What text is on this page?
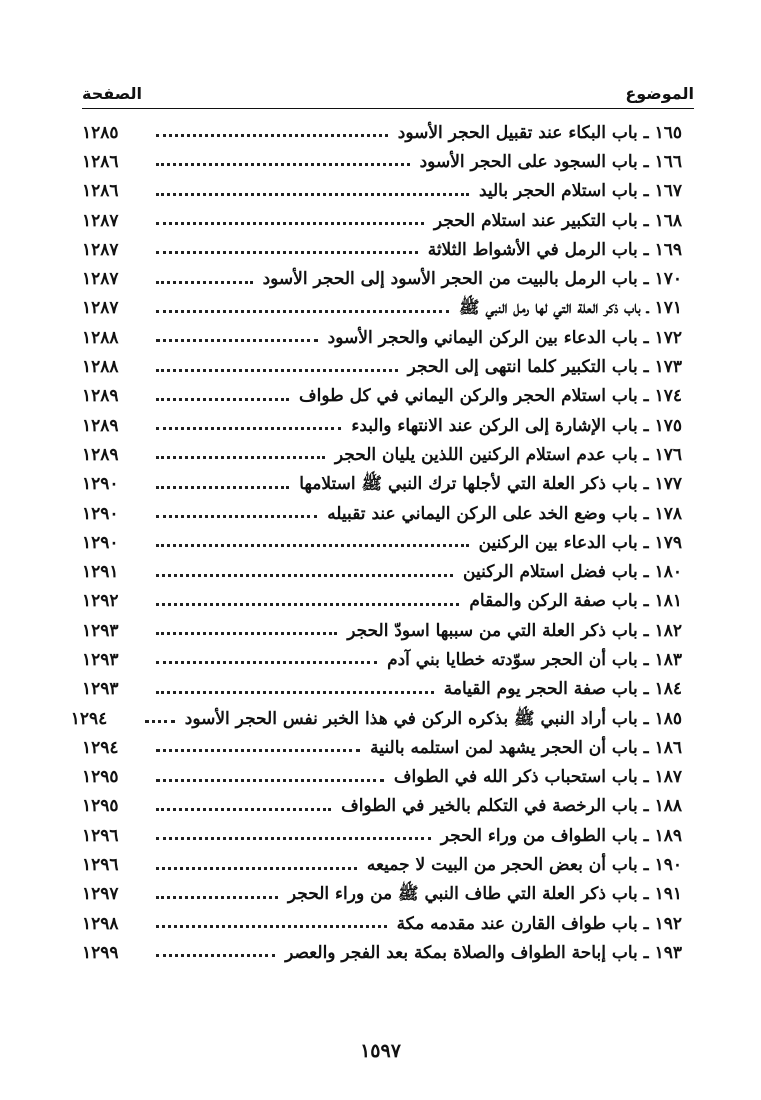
الموضوع
الصفحة
١٦٥ ـ باب البكاء عند تقبيل الحجر الأسود
١٢٨٥
١٦٦ ـ باب السجود على الحجر الأسود
١٢٨٦
١٦٧ ـ باب استلام الحجر باليد
١٢٨٦
١٦٨ ـ باب التكبير عند استلام الحجر
١٢٨٧
١٦٩ ـ باب الرمل في الأشواط الثلاثة
١٢٨٧
١٧٠ ـ باب الرمل بالبيت من الحجر الأسود إلى الحجر الأسود
١٢٨٧
١٧١ ـ باب ذكر العلة التي لها رمل النبي ﷺ
١٢٨٧
١٧٢ ـ باب الدعاء بين الركن اليماني والحجر الأسود
١٢٨٨
١٧٣ ـ باب التكبير كلما انتهى إلى الحجر
١٢٨٨
١٧٤ ـ باب استلام الحجر والركن اليماني في كل طواف
١٢٨٩
١٧٥ ـ باب الإشارة إلى الركن عند الانتهاء والبدء
١٢٨٩
١٧٦ ـ باب عدم استلام الركنين اللذين يليان الحجر
١٢٨٩
١٧٧ ـ باب ذكر العلة التي لأجلها ترك النبي ﷺ استلامها
١٢٩٠
١٧٨ ـ باب وضع الخد على الركن اليماني عند تقبيله
١٢٩٠
١٧٩ ـ باب الدعاء بين الركنين
١٢٩٠
١٨٠ ـ باب فضل استلام الركنين
١٢٩١
١٨١ ـ باب صفة الركن والمقام
١٢٩٢
١٨٢ ـ باب ذكر العلة التي من سببها اسودّ الحجر
١٢٩٣
١٨٣ ـ باب أن الحجر سوّدته خطايا بني آدم
١٢٩٣
١٨٤ ـ باب صفة الحجر يوم القيامة
١٢٩٣
١٨٥ ـ باب أراد النبي ﷺ بذكره الركن في هذا الخبر نفس الحجر الأسود
١٢٩٤
١٨٦ ـ باب أن الحجر يشهد لمن استلمه بالنية
١٢٩٤
١٨٧ ـ باب استحباب ذكر الله في الطواف
١٢٩٥
١٨٨ ـ باب الرخصة في التكلم بالخير في الطواف
١٢٩٥
١٨٩ ـ باب الطواف من وراء الحجر
١٢٩٦
١٩٠ ـ باب أن بعض الحجر من البيت لا جميعه
١٢٩٦
١٩١ ـ باب ذكر العلة التي طاف النبي ﷺ من وراء الحجر
١٢٩٧
١٩٢ ـ باب طواف القارن عند مقدمه مكة
١٢٩٨
١٩٣ ـ باب إباحة الطواف والصلاة بمكة بعد الفجر والعصر
١٢٩٩
١٥٩٧
